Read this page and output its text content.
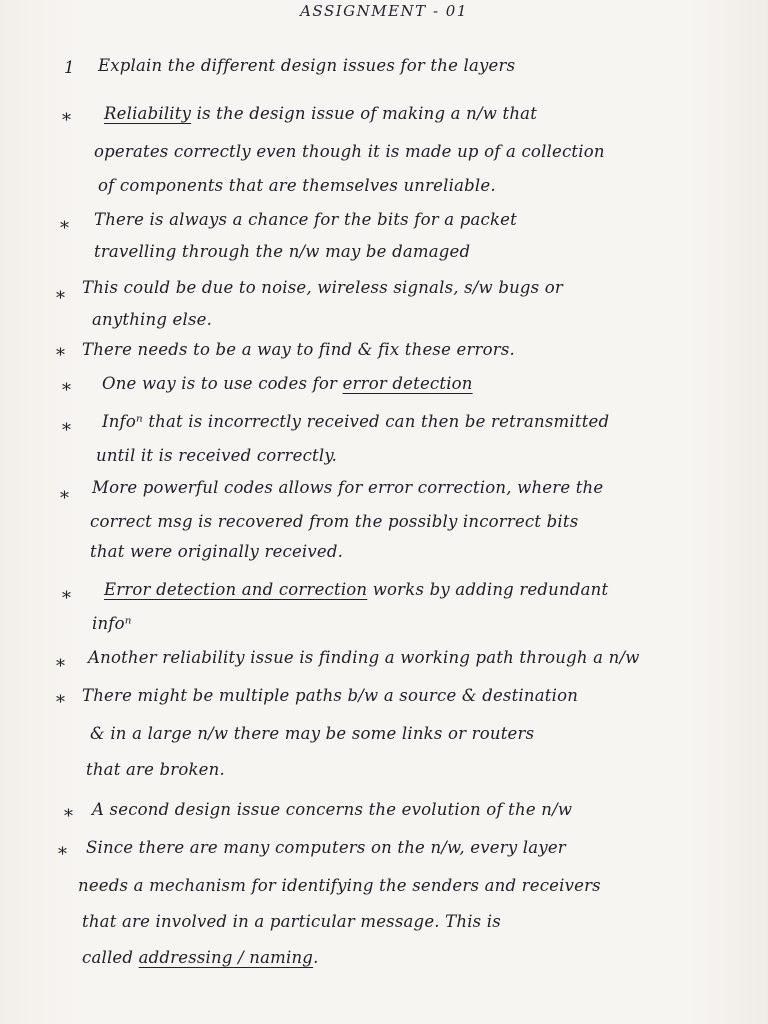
ASSIGNMENT - 01
1 Explain the different design issues for the layers
* Reliability is the design issue of making a n/w that
operates correctly even though it is made up of a collection
of components that are themselves unreliable.
* There is always a chance for the bits for a packet
travelling through the n/w may be damaged
*
This could be due to noise, wireless signals, s/w bugs or
anything else.
* There needs to be a way to find & fix these errors.
* One way is to use codes for error detection
* Infoⁿ that is incorrectly received can then be retransmitted
until it is received correctly.
*
More powerful codes allows for error correction, where the
correct msg is recovered from the possibly incorrect bits
that were originally received.
* Error detection and correction works by adding redundant
infoⁿ
* Another reliability issue is finding a working path through a n/w
* There might be multiple paths b/w a source & destination
& in a large n/w there may be some links or routers
that are broken.
* A second design issue concerns the evolution of the n/w
* Since there are many computers on the n/w, every layer
needs a mechanism for identifying the senders and receivers
that are involved in a particular message. This is
called addressing / naming.
